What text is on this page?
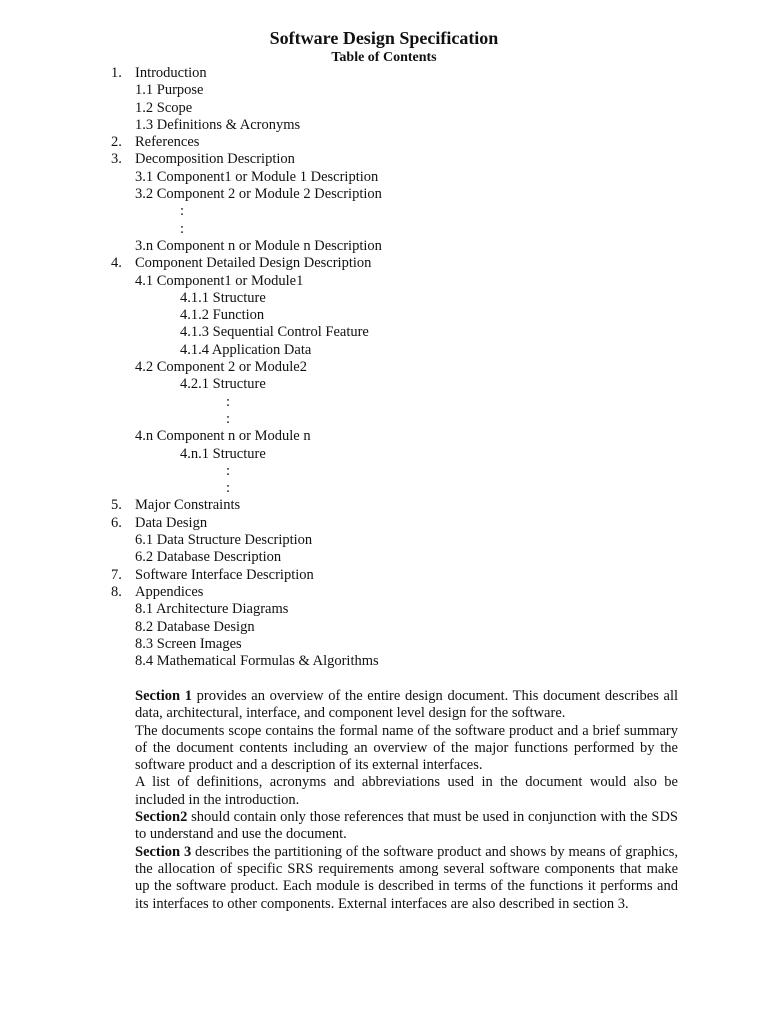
Software Design Specification
Table of Contents
1. Introduction
1.1 Purpose
1.2 Scope
1.3 Definitions & Acronyms
2. References
3. Decomposition Description
3.1 Component1 or Module 1 Description
3.2 Component 2 or Module 2 Description
:
:
3.n Component n or Module n Description
4. Component Detailed Design Description
4.1 Component1 or Module1
4.1.1 Structure
4.1.2 Function
4.1.3 Sequential Control Feature
4.1.4 Application Data
4.2 Component 2 or Module2
4.2.1 Structure
:
:
4.n Component n or Module n
4.n.1 Structure
:
:
5. Major Constraints
6. Data Design
6.1 Data Structure Description
6.2 Database Description
7. Software Interface Description
8. Appendices
8.1 Architecture Diagrams
8.2 Database Design
8.3 Screen Images
8.4 Mathematical Formulas & Algorithms

Section 1 provides an overview of the entire design document. This document describes all data, architectural, interface, and component level design for the software.

The documents scope contains the formal name of the software product and a brief summary of the document contents including an overview of the major functions performed by the software product and a description of its external interfaces.

A list of definitions, acronyms and abbreviations used in the document would also be included in the introduction.

Section2 should contain only those references that must be used in conjunction with the SDS to understand and use the document.

Section 3 describes the partitioning of the software product and shows by means of graphics, the allocation of specific SRS requirements among several software components that make up the software product. Each module is described in terms of the functions it performs and its interfaces to other components. External interfaces are also described in section 3.
